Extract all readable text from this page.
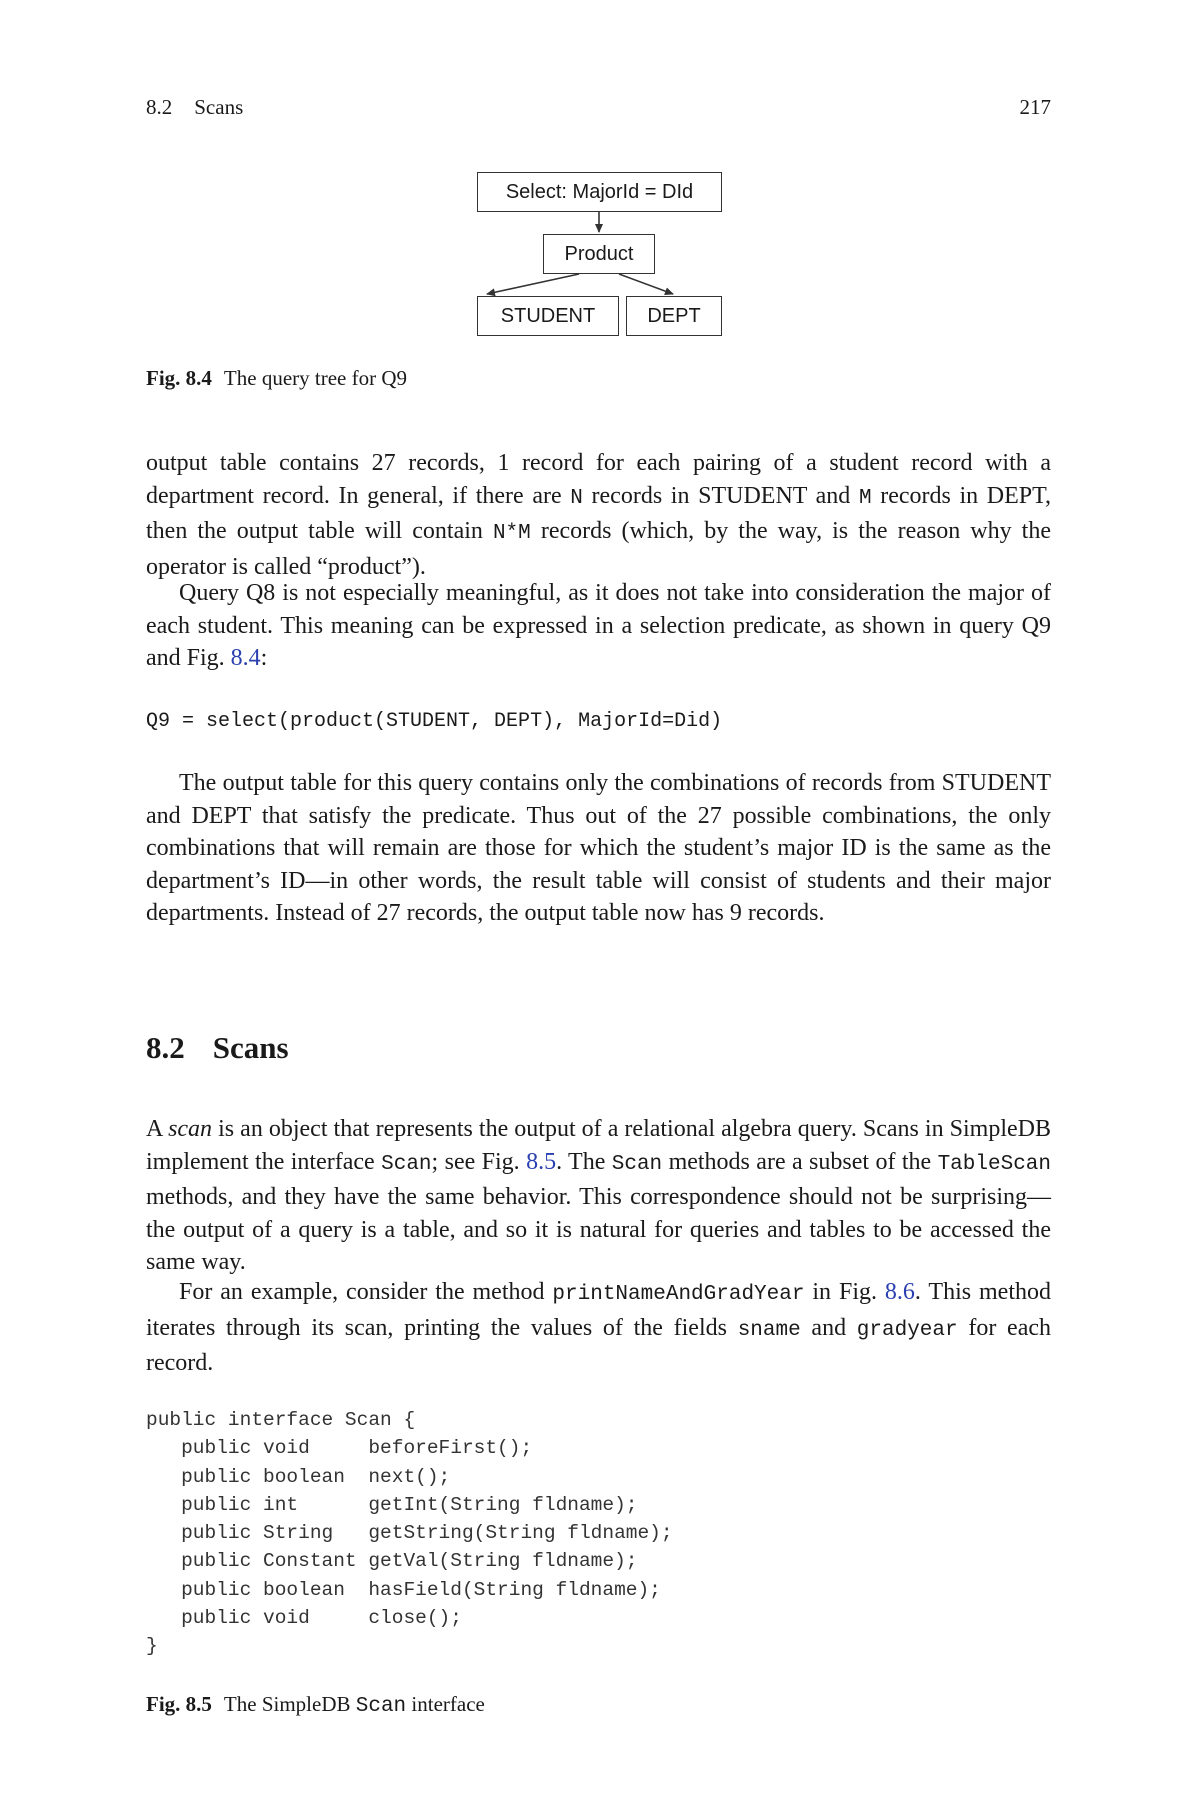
8.2 Scans	217
Select: MajorId = DId
Product
STUDENT	DEPT
Fig. 8.4 The query tree for Q9

output table contains 27 records, 1 record for each pairing of a student record with a department record. In general, if there are N records in STUDENT and M records in DEPT, then the output table will contain N*M records (which, by the way, is the reason why the operator is called “product”).

Query Q8 is not especially meaningful, as it does not take into consideration the major of each student. This meaning can be expressed in a selection predicate, as shown in query Q9 and Fig. 8.4:

Q9 = select(product(STUDENT, DEPT), MajorId=Did)

The output table for this query contains only the combinations of records from STUDENT and DEPT that satisfy the predicate. Thus out of the 27 possible combinations, the only combinations that will remain are those for which the student’s major ID is the same as the department’s ID—in other words, the result table will consist of students and their major departments. Instead of 27 records, the output table now has 9 records.

8.2 Scans

A scan is an object that represents the output of a relational algebra query. Scans in SimpleDB implement the interface Scan; see Fig. 8.5. The Scan methods are a subset of the TableScan methods, and they have the same behavior. This correspondence should not be surprising—the output of a query is a table, and so it is natural for queries and tables to be accessed the same way.

For an example, consider the method printNameAndGradYear in Fig. 8.6. This method iterates through its scan, printing the values of the fields sname and gradyear for each record.

public interface Scan {
public void     beforeFirst();
public boolean  next();
public int      getInt(String fldname);
public String   getString(String fldname);
public Constant getVal(String fldname);
public boolean  hasField(String fldname);
public void     close();
}
Fig. 8.5 The SimpleDB Scan interface
